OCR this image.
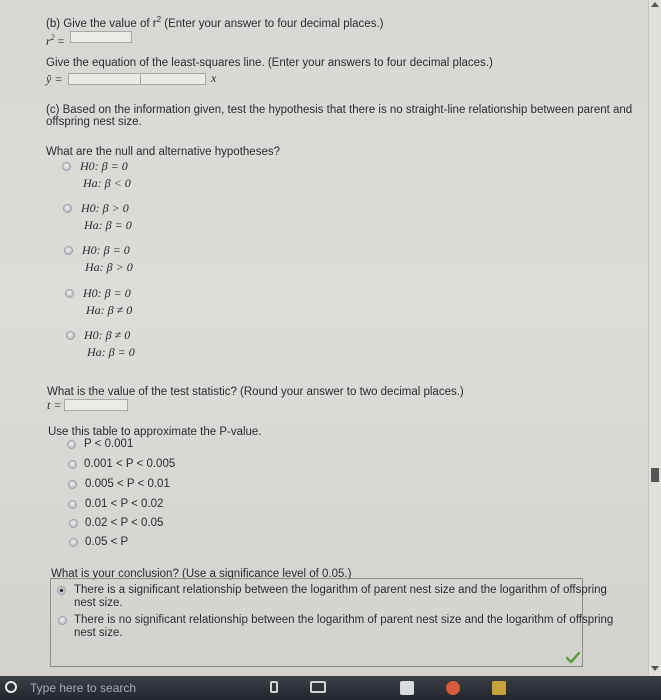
(b) Give the value of $r^2$ (Enter your answer to four decimal places.)
$r^2$ =
Give the equation of the least-squares line. (Enter your answers to four decimal places.)
ŷ =	x
(c) Based on the information given, test the hypothesis that there is no straight-line relationship between parent and
offspring nest size.
What are the null and alternative hypotheses?
H0: β = 0
Ha: β < 0
H0: β > 0
Ha: β = 0
H0: β = 0
Ha: β > 0
H0: β = 0
Ha: β ≠ 0
H0: β ≠ 0
Ha: β = 0
What is the value of the test statistic? (Round your answer to two decimal places.)
t =
Use this table to approximate the P-value.
P < 0.001
0.001 < P < 0.005
0.005 < P < 0.01
0.01 < P < 0.02
0.02 < P < 0.05
0.05 < P
What is your conclusion? (Use a significance level of 0.05.)
There is a significant relationship between the logarithm of parent nest size and the logarithm of offspring
nest size.
There is no significant relationship between the logarithm of parent nest size and the logarithm of offspring
nest size.
Type here to search
